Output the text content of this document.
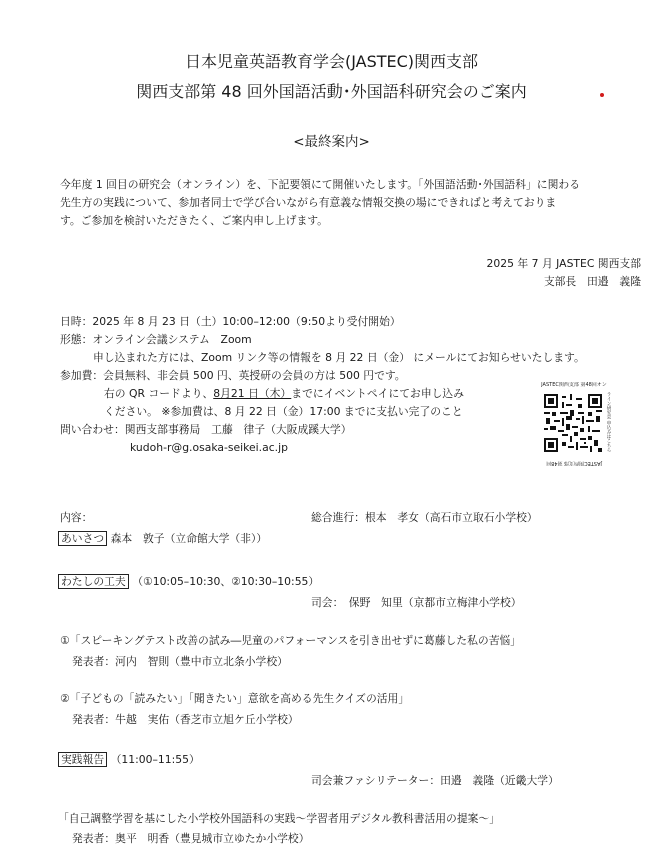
日本児童英語教育学会(JASTEC)関西支部
関西支部第 48 回外国語活動･外国語科研究会のご案内
<最終案内>
今年度 1 回目の研究会（オンライン）を、下記要領にて開催いたします。「外国語活動･外国語科」に関わる
先生方の実践について、参加者同士で学び合いながら有意義な情報交換の場にできればと考えておりま
す。ご参加を検討いただきたく、ご案内申し上げます。
2025 年 7 月 JASTEC 関西支部
支部長　田邉　義隆
日時：2025 年 8 月 23 日（土）10:00–12:00（9:50より受付開始）
形態：オンライン会議システム　Zoom
申し込まれた方には、Zoom リンク等の情報を 8 月 22 日（金） にメールにてお知らせいたします。
参加費：会員無料、非会員 500 円、英授研の会員の方は 500 円です。
右の QR コードより、8月21 日（木）までにイベントペイにてお申し込み
ください。 ※参加費は、8 月 22 日（金）17:00 までに支払い完了のこと
問い合わせ：関西支部事務局　工藤　律子（大阪成蹊大学）
kudoh-r@g.osaka-seikei.ac.jp
JASTEC関西支部 第48回オン
ライン研究会 申込みはこちら
JASTEC関西支部 第48回
内容：	総合進行：根本　孝女（高石市立取石小学校）
あいさつ 森本　敦子（立命館大学（非））
わたしの工夫 （①10:05–10:30、②10:30–10:55）
司会：　保野　知里（京都市立梅津小学校）
①「スピーキングテスト改善の試み―児童のパフォーマンスを引き出せずに葛藤した私の苦悩」
発表者：河内　智則（豊中市立北条小学校）
②「子どもの「読みたい」「聞きたい」意欲を高める先生クイズの活用」
発表者：牛越　実佑（香芝市立旭ケ丘小学校）
実践報告 （11:00–11:55）
司会兼ファシリテーター：田邉　義隆（近畿大学）
「自己調整学習を基にした小学校外国語科の実践～学習者用デジタル教科書活用の提案～」
発表者：奥平　明香（豊見城市立ゆたか小学校）
